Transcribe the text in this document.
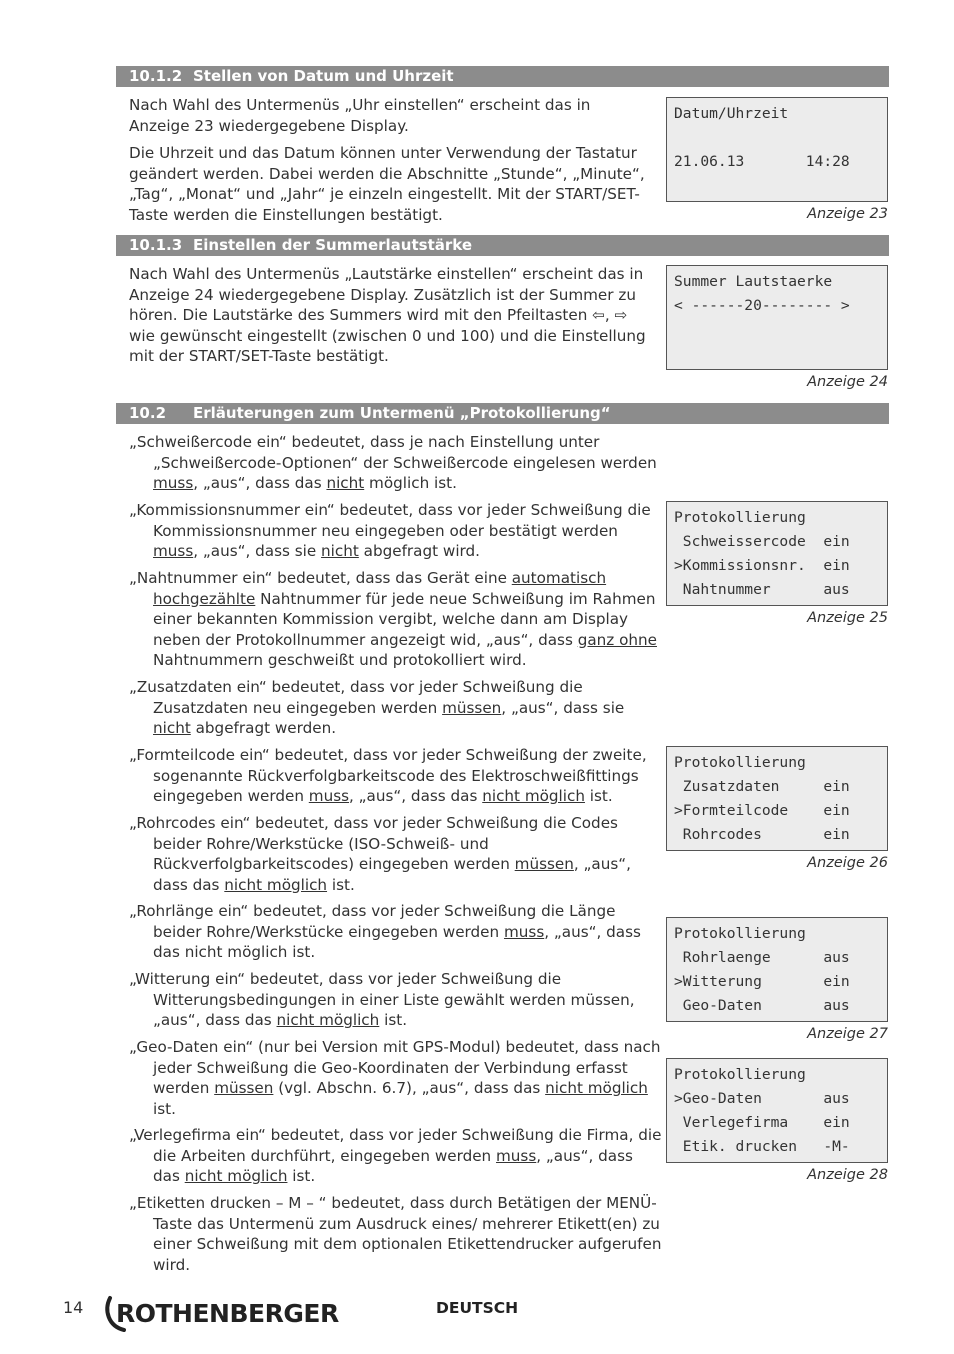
10.1.2 Stellen von Datum und Uhrzeit

Nach Wahl des Untermenüs „Uhr einstellen“ erscheint das in Anzeige 23 wiedergegebene Display.

Die Uhrzeit und das Datum können unter Verwendung der Tastatur geändert werden. Dabei werden die Abschnitte „Stunde“, „Minute“, „Tag“, „Monat“ und „Jahr“ je einzeln eingestellt. Mit der START/SET-Taste werden die Einstellungen bestätigt.

10.1.3 Einstellen der Summerlautstärke

Nach Wahl des Untermenüs „Lautstärke einstellen“ erscheint das in Anzeige 24 wiedergegebene Display. Zusätzlich ist der Summer zu hören. Die Lautstärke des Summers wird mit den Pfeiltasten ⇦, ⇨ wie gewünscht eingestellt (zwischen 0 und 100) und die Einstellung mit der START/SET-Taste bestätigt.

10.2 Erläuterungen zum Untermenü „Protokollierung“
„Schweißercode ein“ bedeutet, dass je nach Einstellung unter „Schweißercode-Optionen“ der Schweißercode eingelesen werden muss, „aus“, dass das nicht möglich ist.
„Kommissionsnummer ein“ bedeutet, dass vor jeder Schweißung die Kommissionsnummer neu eingegeben oder bestätigt werden muss, „aus“, dass sie nicht abgefragt wird.
„Nahtnummer ein“ bedeutet, dass das Gerät eine automatisch hochgezählte Nahtnummer für jede neue Schweißung im Rahmen einer bekannten Kommission vergibt, welche dann am Display neben der Protokollnummer angezeigt wid, „aus“, dass ganz ohne Nahtnummern geschweißt und protokolliert wird.
„Zusatzdaten ein“ bedeutet, dass vor jeder Schweißung die Zusatzdaten neu eingegeben werden müssen, „aus“, dass sie nicht abgefragt werden.
„Formteilcode ein“ bedeutet, dass vor jeder Schweißung der zweite, sogenannte Rückverfolgbarkeitscode des Elektroschweißfittings eingegeben werden muss, „aus“, dass das nicht möglich ist.
„Rohrcodes ein“ bedeutet, dass vor jeder Schweißung die Codes beider Rohre/Werkstücke (ISO-Schweiß- und Rückverfolgbarkeitscodes) eingegeben werden müssen, „aus“, dass das nicht möglich ist.
„Rohrlänge ein“ bedeutet, dass vor jeder Schweißung die Länge beider Rohre/Werkstücke eingegeben werden muss, „aus“, dass das nicht möglich ist.
„Witterung ein“ bedeutet, dass vor jeder Schweißung die Witterungsbedingungen in einer Liste gewählt werden müssen, „aus“, dass das nicht möglich ist.
„Geo-Daten ein“ (nur bei Version mit GPS-Modul) bedeutet, dass nach jeder Schweißung die Geo-Koordinaten der Verbindung erfasst werden müssen (vgl. Abschn. 6.7), „aus“, dass das nicht möglich ist.
„Verlegefirma ein“ bedeutet, dass vor jeder Schweißung die Firma, die die Arbeiten durchführt, eingegeben werden muss, „aus“, dass das nicht möglich ist.
„Etiketten drucken – M – “ bedeutet, dass durch Betätigen der MENÜ-Taste das Untermenü zum Ausdruck eines/ mehrerer Etikett(en) zu einer Schweißung mit dem optionalen Etikettendrucker aufgerufen wird.
Datum/Uhrzeit
21.06.13       14:28
Anzeige 23
Summer Lautstaerke
< ------20-------- >
Anzeige 24
Protokollierung
Schweissercode  ein
>Kommissionsnr.  ein
Nahtnummer      aus
Anzeige 25
Protokollierung
Zusatzdaten     ein
>Formteilcode    ein
Rohrcodes       ein
Anzeige 26
Protokollierung
Rohrlaenge      aus
>Witterung       ein
Geo-Daten       aus
Anzeige 27
Protokollierung
>Geo-Daten       aus
Verlegefirma    ein
Etik. drucken   -M-
Anzeige 28
14 ROTHENBERGER	DEUTSCH
